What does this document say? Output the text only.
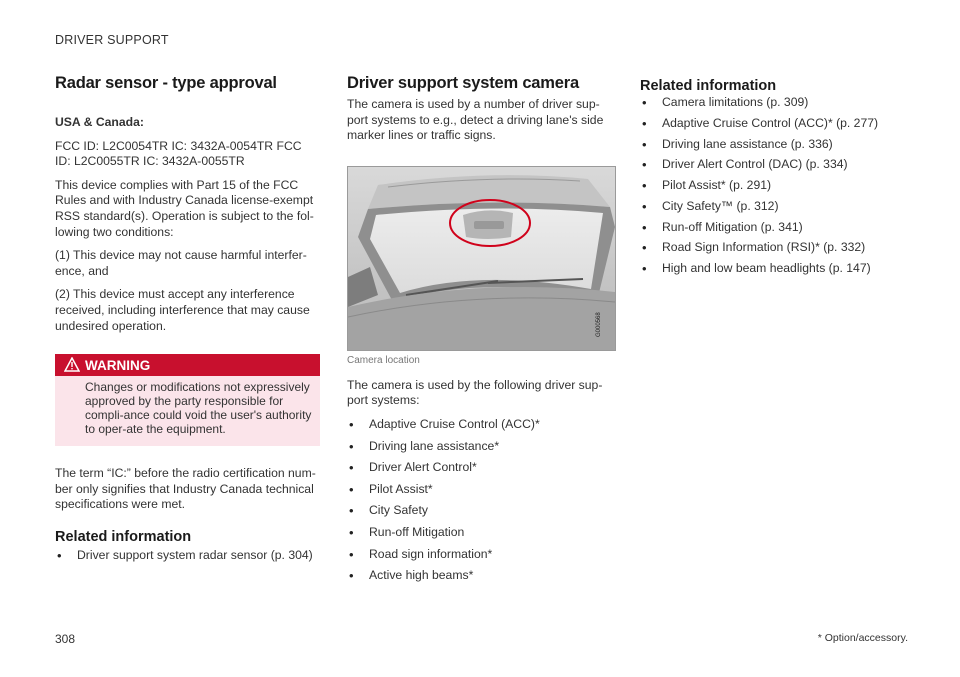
DRIVER SUPPORT
Radar sensor - type approval

USA & Canada:

FCC ID: L2C0054TR IC: 3432A-0054TR FCC ID: L2C0055TR IC: 3432A-0055TR

This device complies with Part 15 of the FCC Rules and with Industry Canada license-exempt RSS standard(s). Operation is subject to the fol-lowing two conditions:

(1) This device may not cause harmful interfer-ence, and

(2) This device must accept any interference received, including interference that may cause undesired operation.

WARNING
Changes or modifications not expressively approved by the party responsible for compli-ance could void the user's authority to oper-ate the equipment.

The term “IC:” before the radio certification num-ber only signifies that Industry Canada technical specifications were met.

Related information
• Driver support system radar sensor (p. 304)
Driver support system camera

The camera is used by a number of driver sup-port systems to e.g., detect a driving lane's side marker lines or traffic signs.

G000568
Camera location

The camera is used by the following driver sup-port systems:

• Adaptive Cruise Control (ACC)*
• Driving lane assistance*
• Driver Alert Control*
• Pilot Assist*
• City Safety
• Run-off Mitigation
• Road sign information*
• Active high beams*
Related information
• Camera limitations (p. 309)
• Adaptive Cruise Control (ACC)* (p. 277)
• Driving lane assistance (p. 336)
• Driver Alert Control (DAC) (p. 334)
• Pilot Assist* (p. 291)
• City Safety™ (p. 312)
• Run-off Mitigation (p. 341)
• Road Sign Information (RSI)* (p. 332)
• High and low beam headlights (p. 147)
* Option/accessory.
308
